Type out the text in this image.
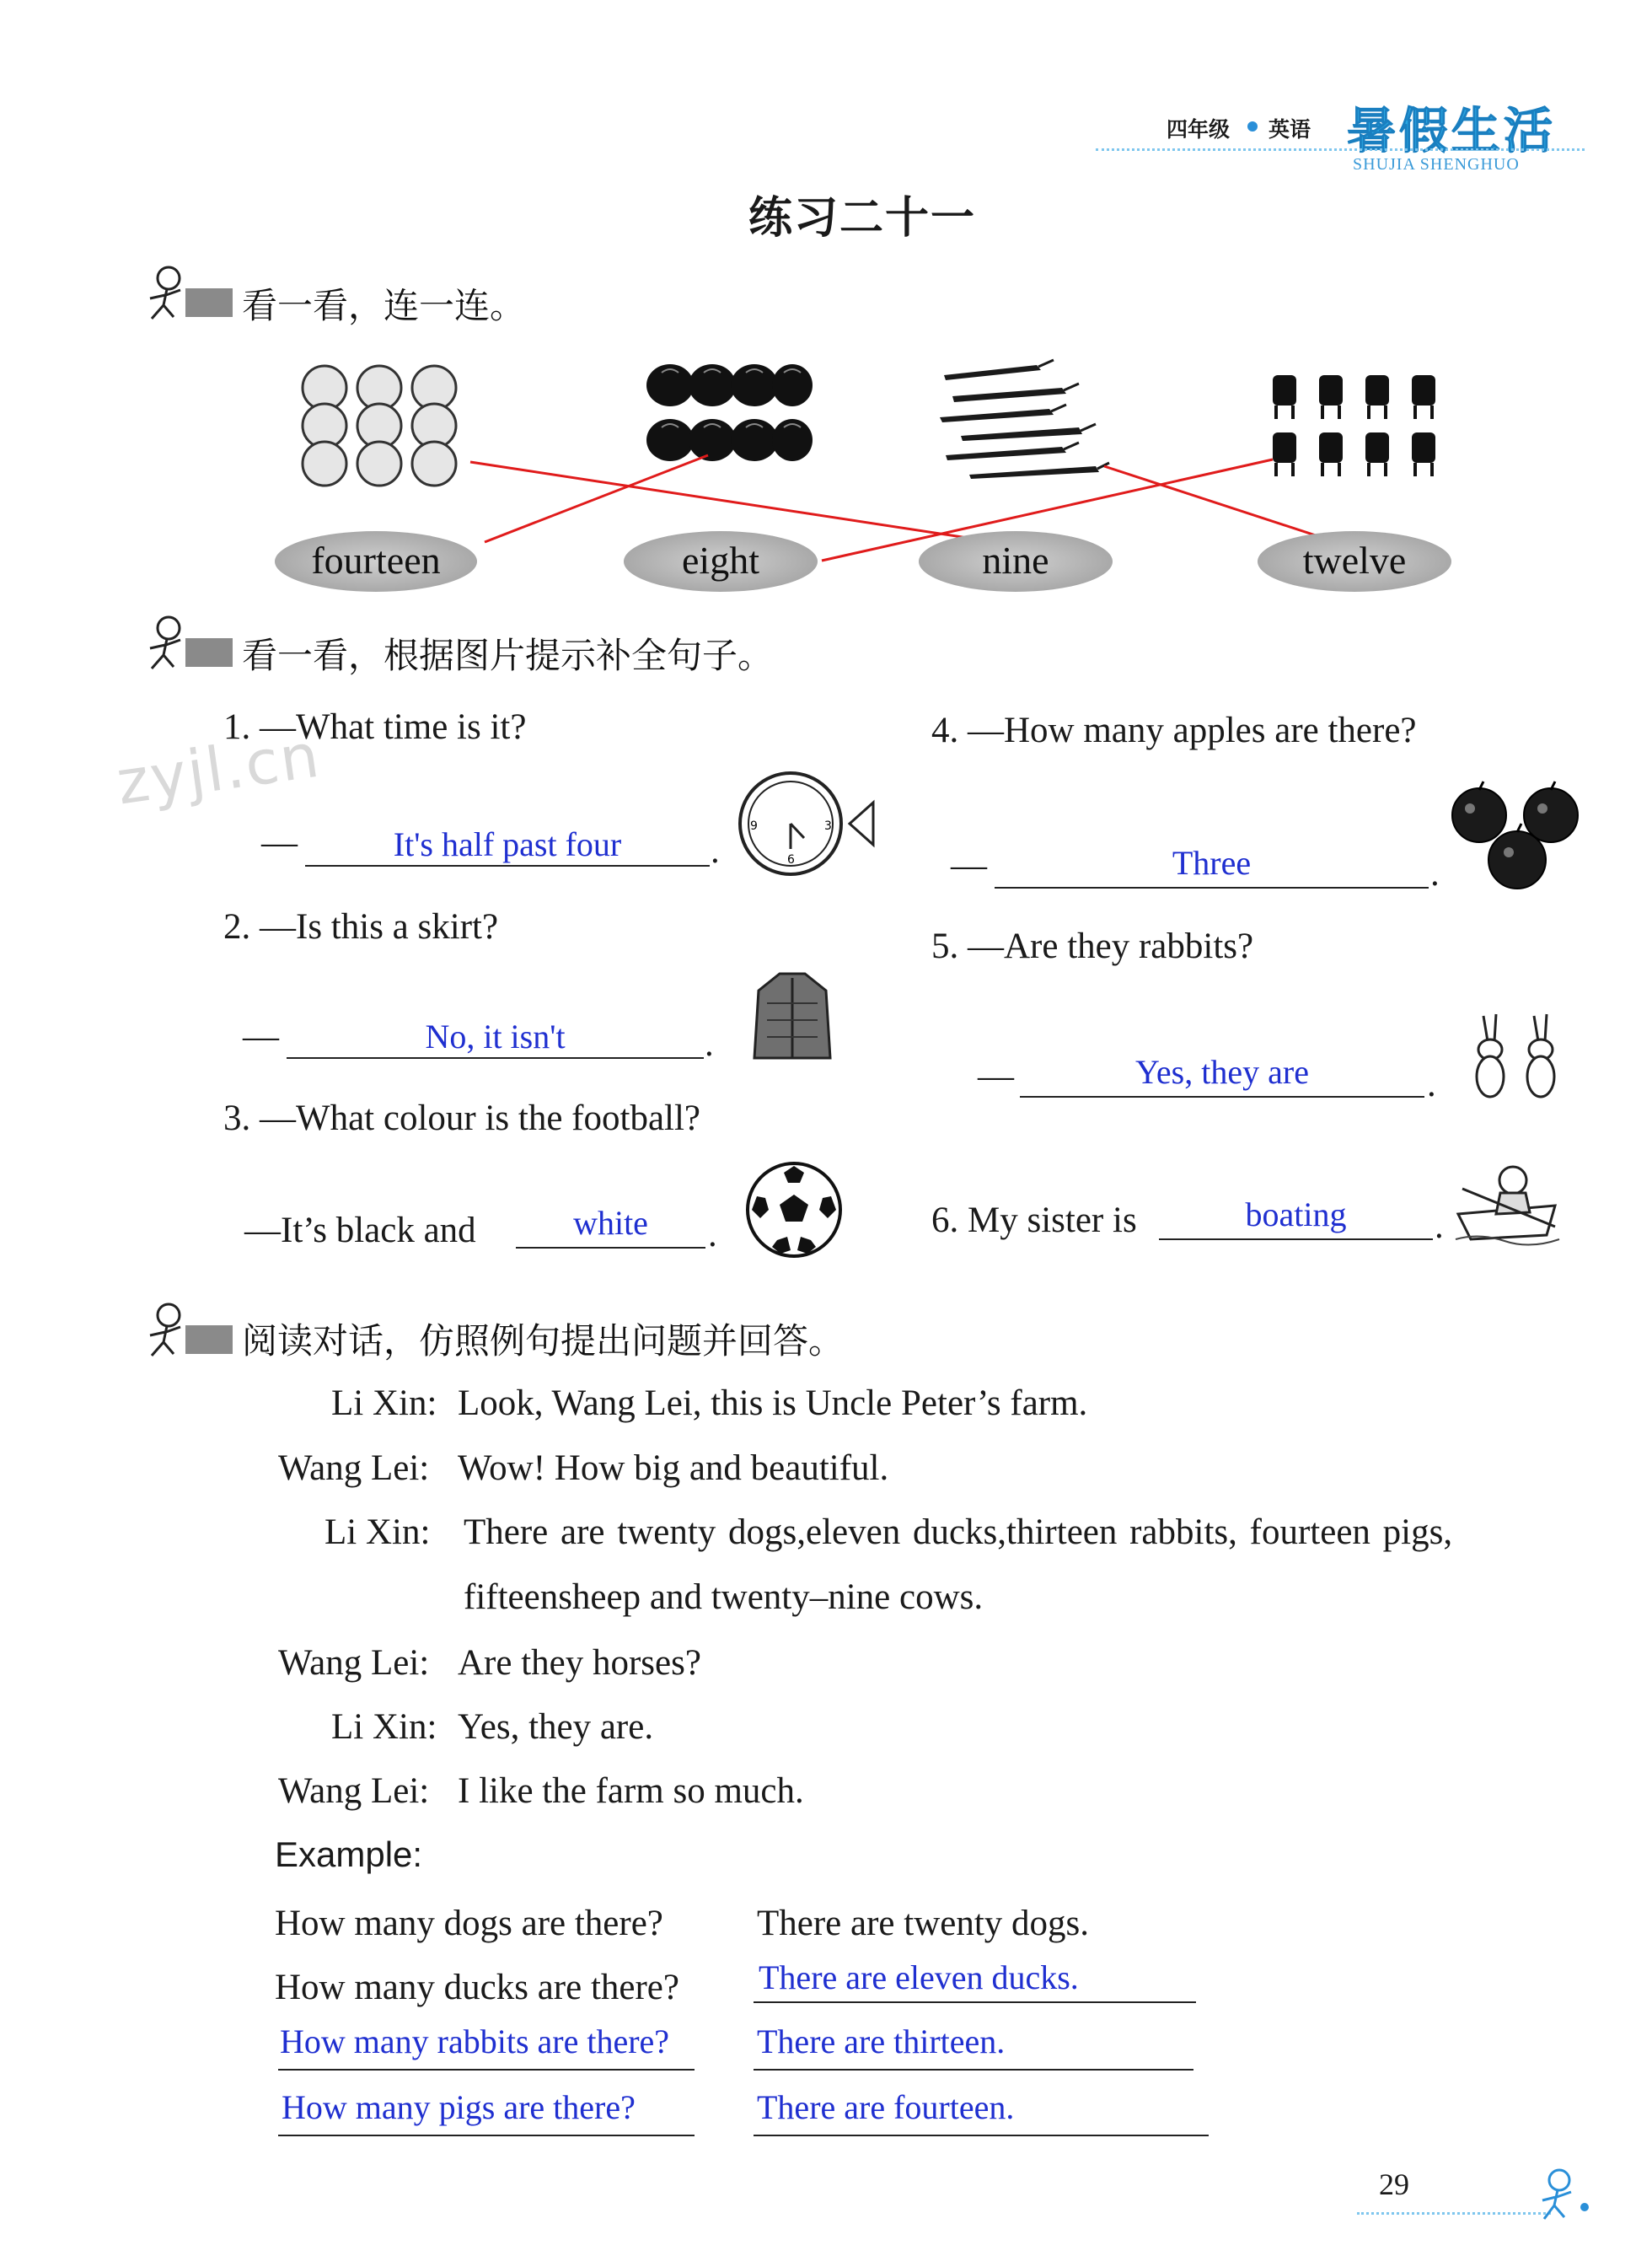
四年级 英语 暑假生活
SHUJIA SHENGHUO
练习二十一
zyjl.cn
看一看，连一连。
fourteen	eight	nine	twelve
看一看，根据图片提示补全句子。
1. —What time is it?
—	It's half past four	.
9	3
6
2. —Is this a skirt?
—	No, it isn't	.
3. —What colour is the football?
—It’s black and	white	.
4. —How many apples are there?
—	Three	.
5. —Are they rabbits?
—	Yes, they are	.
6. My sister is	boating	.
阅读对话，仿照例句提出问题并回答。
Li Xin: Look, Wang Lei, this is Uncle Peter’s farm.
Wang Lei: Wow! How big and beautiful.
Li Xin: There are twenty dogs,eleven ducks,thirteen rabbits, fourteen pigs,
fifteensheep and twenty–nine cows.
Wang Lei: Are they horses?
Li Xin: Yes, they are.
Wang Lei: I like the farm so much.
Example:
How many dogs are there?	There are twenty dogs.
How many ducks are there? There are eleven ducks.
How many rabbits are there?	There are thirteen.
How many pigs are there?	There are fourteen.
29
